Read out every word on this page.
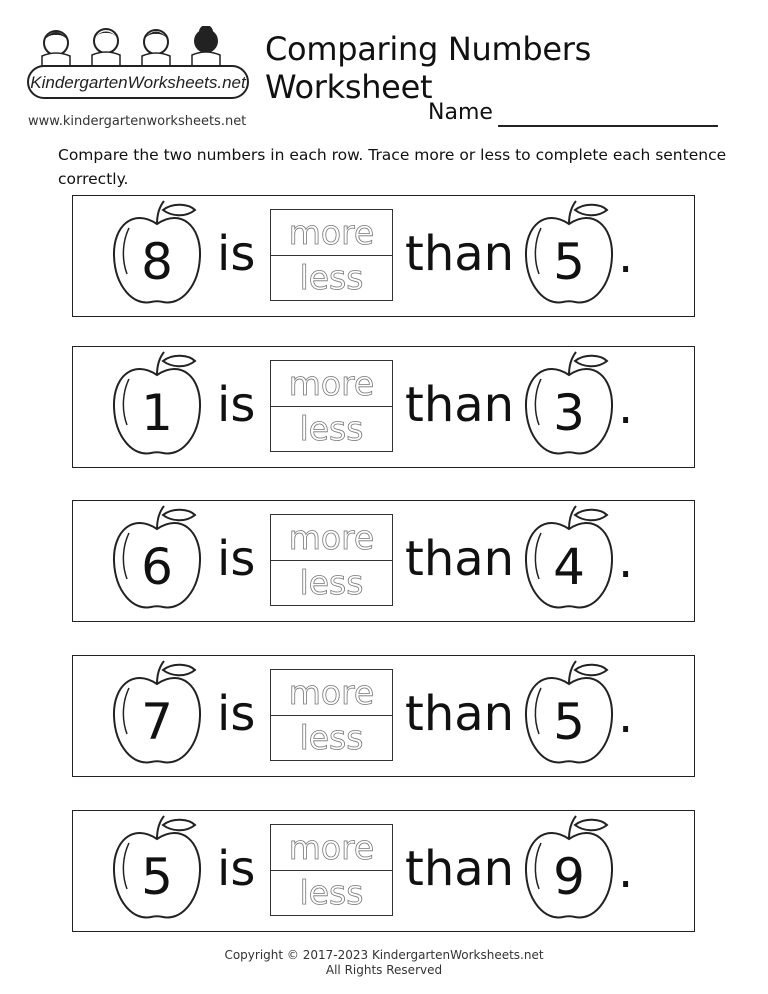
KindergartenWorksheets.net
www.kindergartenworksheets.net
Comparing Numbers Worksheet
Name
Compare the two numbers in each row. Trace more or less to complete each sentence correctly.
8 is	more
less than 5 .
1 is	more
less than 3 .
6 is	more
less than 4 .
7 is	more
less than 5 .
5 is	more
less than 9 .
Copyright © 2017-2023 KindergartenWorksheets.net
All Rights Reserved
